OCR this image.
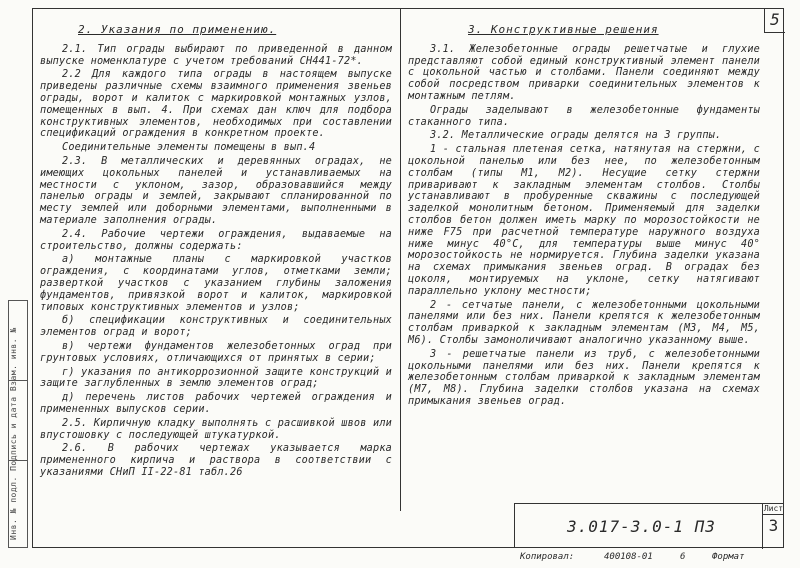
5
Инв. № подл. Подпись и дата Взам. инв. №
2. Указания по применению.

2.1. Тип ограды выбирают по приведенной в данном выпуске номенклатуре с учетом требований СН441-72*.

2.2 Для каждого типа ограды в настоящем выпуске приведены различные схемы взаимного применения звеньев ограды, ворот и калиток с маркировкой монтажных узлов, помещенных в вып. 4. При схемах дан ключ для подбора конструктивных элементов, необходимых при составлении спецификаций ограждения в конкретном проекте.

Соединительные элементы помещены в вып.4

2.3. В металлических и деревянных оградах, не имеющих цокольных панелей и устанавливаемых на местности с уклоном, зазор, образовавшийся между панелью ограды и землей, закрывают спланированной по месту землей или доборными элементами, выполненными в материале заполнения ограды.

2.4. Рабочие чертежи ограждения, выдаваемые на строительство, должны содержать:

а) монтажные планы с маркировкой участков ограждения, с координатами углов, отметками земли; разверткой участков с указанием глубины заложения фундаментов, привязкой ворот и калиток, маркировкой типовых конструктивных элементов и узлов;

б) спецификации конструктивных и соединительных элементов оград и ворот;

в) чертежи фундаментов железобетонных оград при грунтовых условиях, отличающихся от принятых в серии;

г) указания по антикоррозионной защите конструкций и защите заглубленных в землю элементов оград;

д) перечень листов рабочих чертежей ограждения и примененных выпусков серии.

2.5. Кирпичную кладку выполнять с расшивкой швов или впустошовку с последующей штукатуркой.

2.6. В рабочих чертежах указывается марка примененного кирпича и раствора в соответствии с указаниями СНиП II-22-81 табл.26

3. Конструктивные решения

3.1. Железобетонные ограды решетчатые и глухие представляют собой единый конструктивный элемент панели с цокольной частью и столбами. Панели соединяют между собой посредством приварки соединительных элементов к монтажным петлям.

Ограды заделывают в железобетонные фундаменты стаканного типа.

3.2. Металлические ограды делятся на 3 группы.

1 - стальная плетеная сетка, натянутая на стержни, с цокольной панелью или без нее, по железобетонным столбам (типы М1, М2). Несущие сетку стержни приваривают к закладным элементам столбов. Столбы устанавливают в пробуренные скважины с последующей заделкой монолитным бетоном. Применяемый для заделки столбов бетон должен иметь марку по морозостойкости не ниже F75 при расчетной температуре наружного воздуха ниже минус 40°С, для температуры выше минус 40° морозостойкость не нормируется. Глубина заделки указана на схемах примыкания звеньев оград. В оградах без цоколя, монтируемых на уклоне, сетку натягивают параллельно уклону местности;

2 - сетчатые панели, с железобетонными цокольными панелями или без них. Панели крепятся к железобетонным столбам приваркой к закладным элементам (М3, М4, М5, М6). Столбы замоноличивают аналогично указанному выше.

3 - решетчатые панели из труб, с железобетонными цокольными панелями или без них. Панели крепятся к железобетонным столбам приваркой к закладным элементам (М7, М8). Глубина заделки столбов указана на схемах примыкания звеньев оград.

3.017-3.0-1 ПЗ
Лист
3
Копировал:	400108-01	6	Формат
